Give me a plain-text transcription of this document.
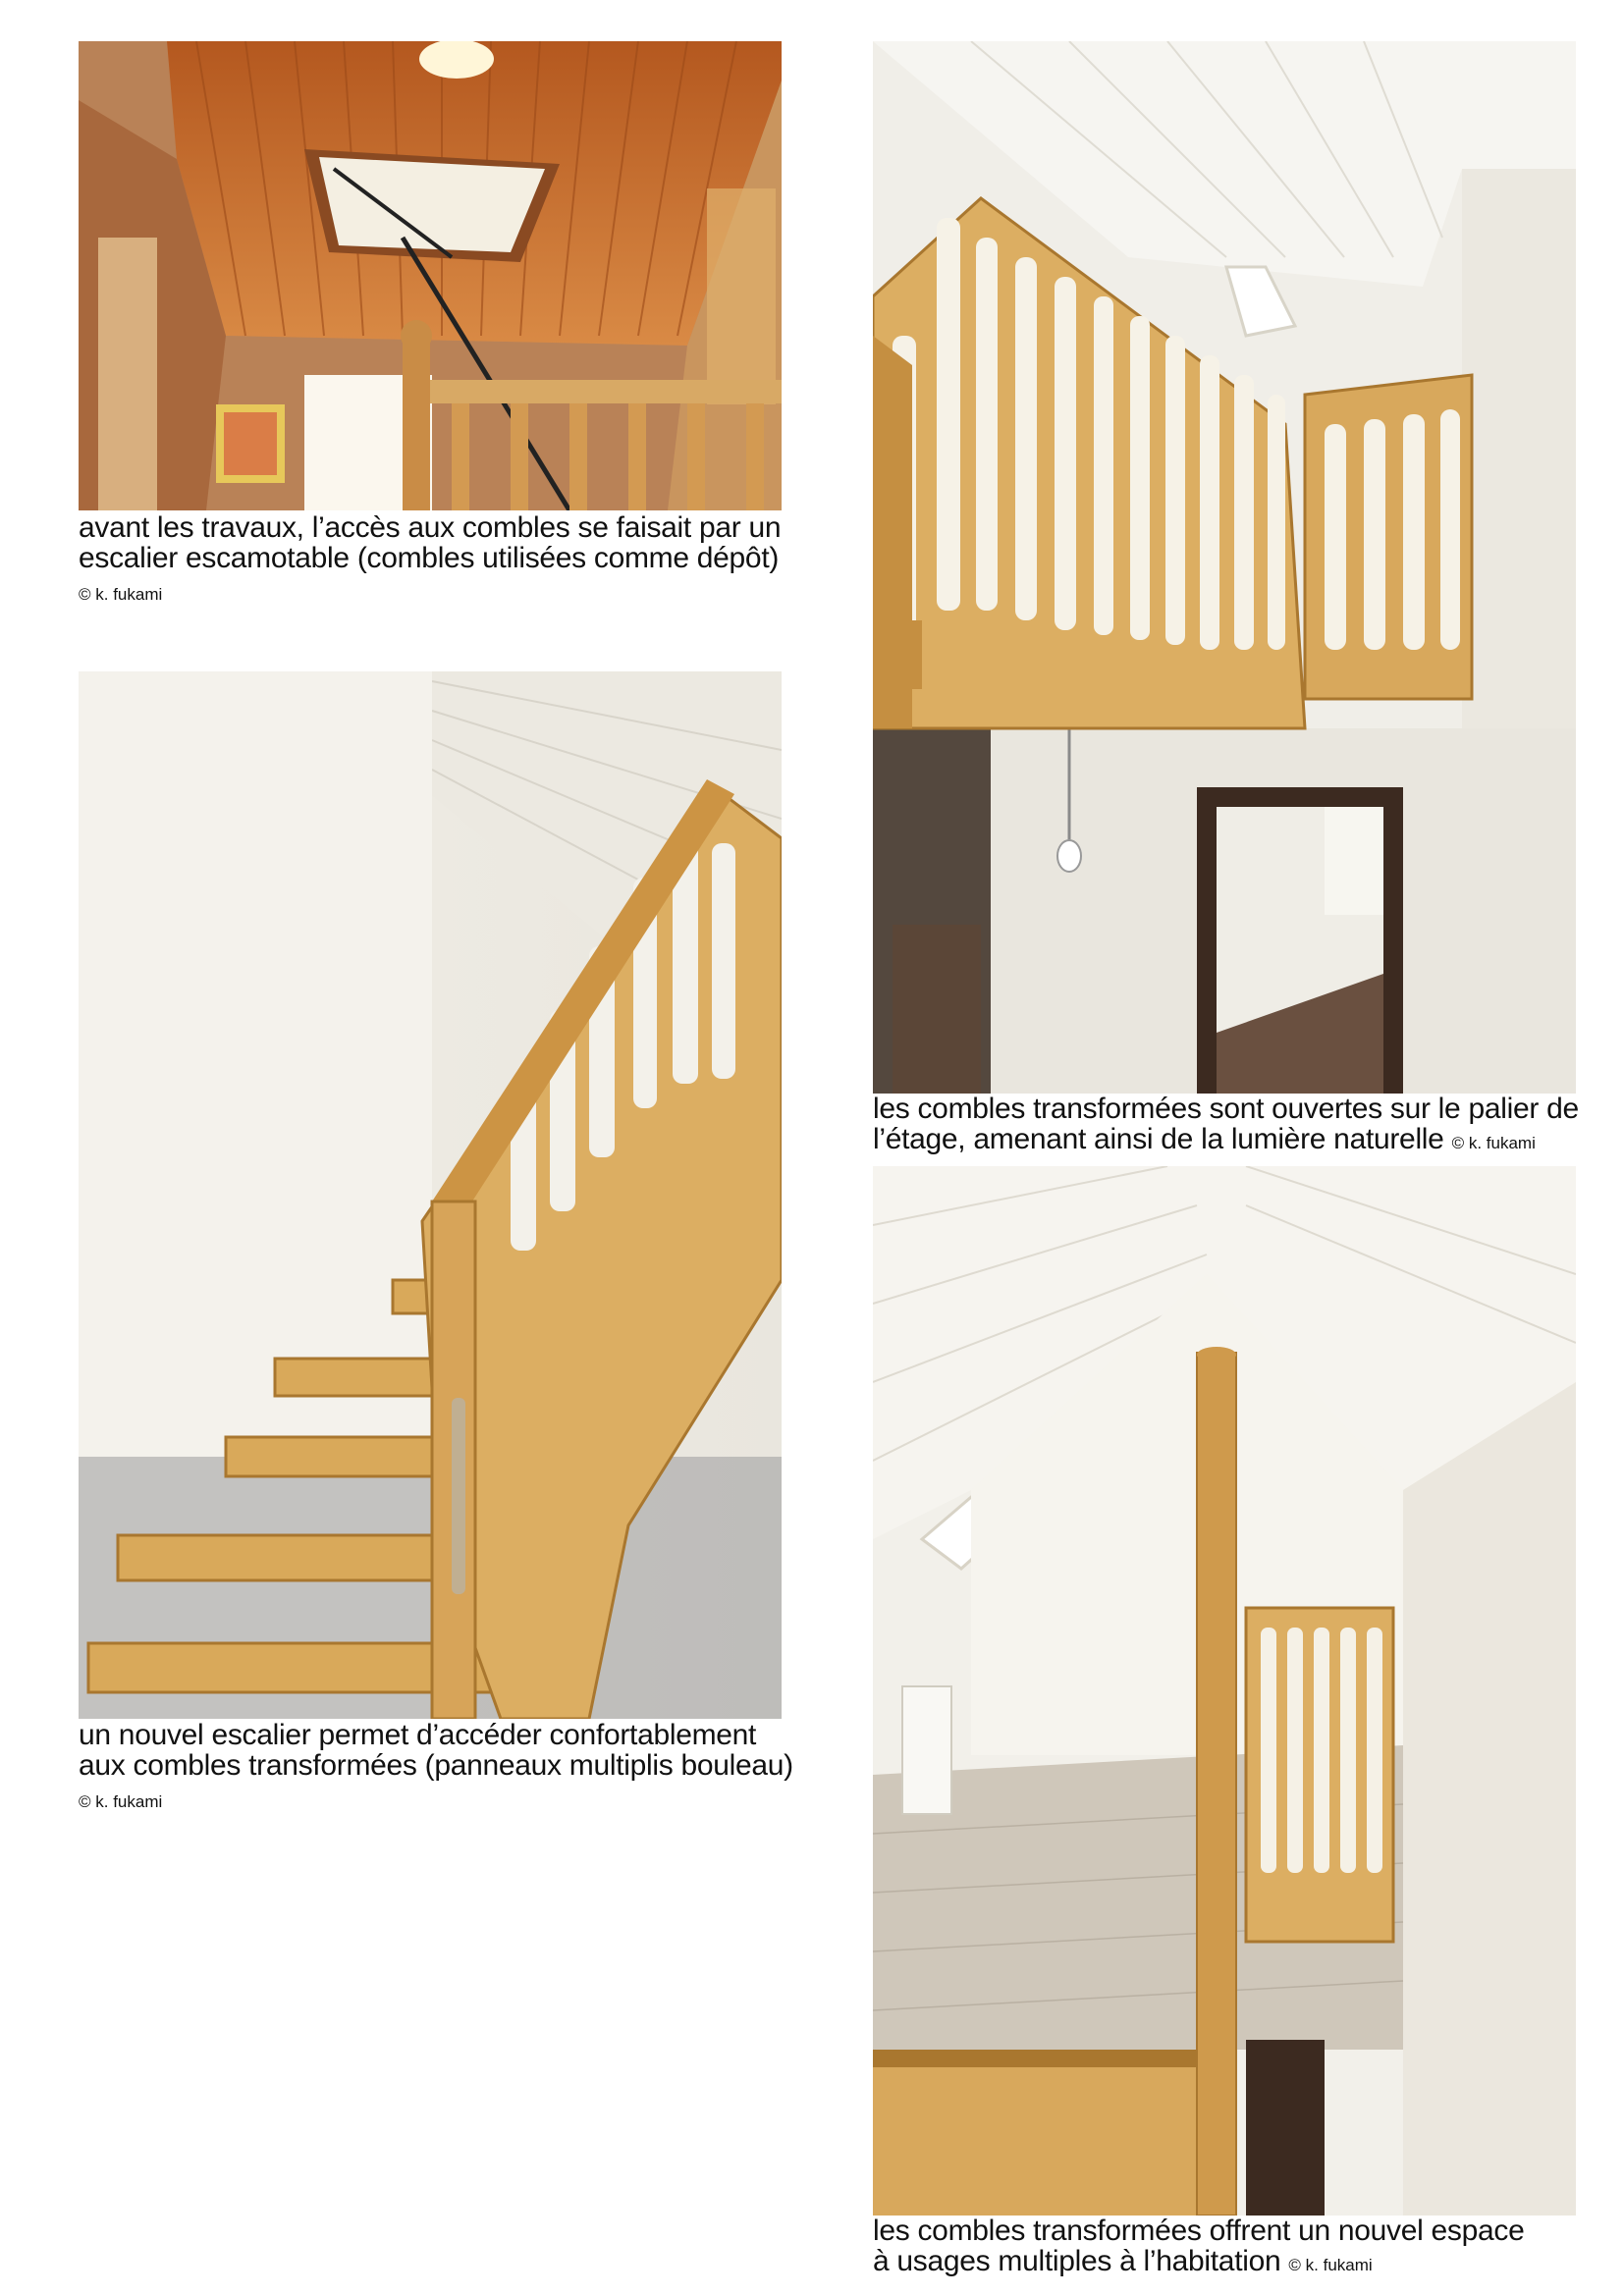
avant les travaux, l’accès aux combles se faisait par un
escalier escamotable (combles utilisées comme dépôt)
© k. fukami
un nouvel escalier permet d’accéder confortablement
aux combles transformées (panneaux multiplis bouleau)
© k. fukami
les combles transformées sont ouvertes sur le palier de
l’étage, amenant ainsi de la lumière naturelle © k. fukami
les combles transformées offrent un nouvel espace
à usages multiples à l’habitation © k. fukami
